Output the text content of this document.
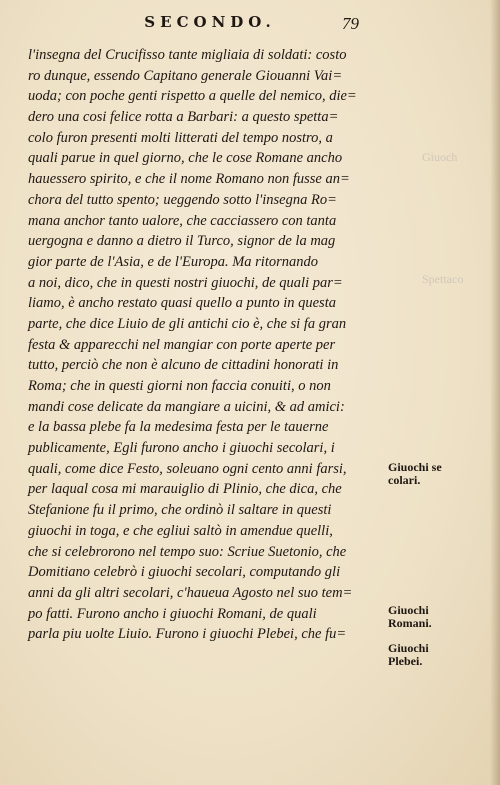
SECONDO.	79
Giuoch
Spettaco
l'insegna del Crucifisso tante migliaia di soldati: costo
ro dunque, essendo Capitano generale Giouanni Vai=
uoda; con poche genti rispetto a quelle del nemico, die=
dero una cosi felice rotta a Barbari: a questo spetta=
colo furon presenti molti litterati del tempo nostro, a
quali parue in quel giorno, che le cose Romane ancho
hauessero spirito, e che il nome Romano non fusse an=
chora del tutto spento; ueggendo sotto l'insegna Ro=
mana anchor tanto ualore, che cacciassero con tanta
uergogna e danno a dietro il Turco, signor de la mag
gior parte de l'Asia, e de l'Europa. Ma ritornando
a noi, dico, che in questi nostri giuochi, de quali par=
liamo, è ancho restato quasi quello a punto in questa
parte, che dice Liuio de gli antichi cio è, che si fa gran
festa & apparecchi nel mangiar con porte aperte per
tutto, perciò che non è alcuno de cittadini honorati in
Roma; che in questi giorni non faccia conuiti, o non
mandi cose delicate da mangiare a uicini, & ad amici:
e la bassa plebe fa la medesima festa per le tauerne
publicamente, Egli furono ancho i giuochi secolari, i
quali, come dice Festo, soleuano ogni cento anni farsi,
per laqual cosa mi marauiglio di Plinio, che dica, che
Stefanione fu il primo, che ordinò il saltare in questi
giuochi in toga, e che egliui saltò in amendue quelli,
che si celebrorono nel tempo suo: Scriue Suetonio, che
Domitiano celebrò i giuochi secolari, computando gli
anni da gli altri secolari, c'haueua Agosto nel suo tem=
po fatti. Furono ancho i giuochi Romani, de quali
parla piu uolte Liuio. Furono i giuochi Plebei, che fu=
Giuochi se
colari.
Giuochi
Romani.
Giuochi
Plebei.
